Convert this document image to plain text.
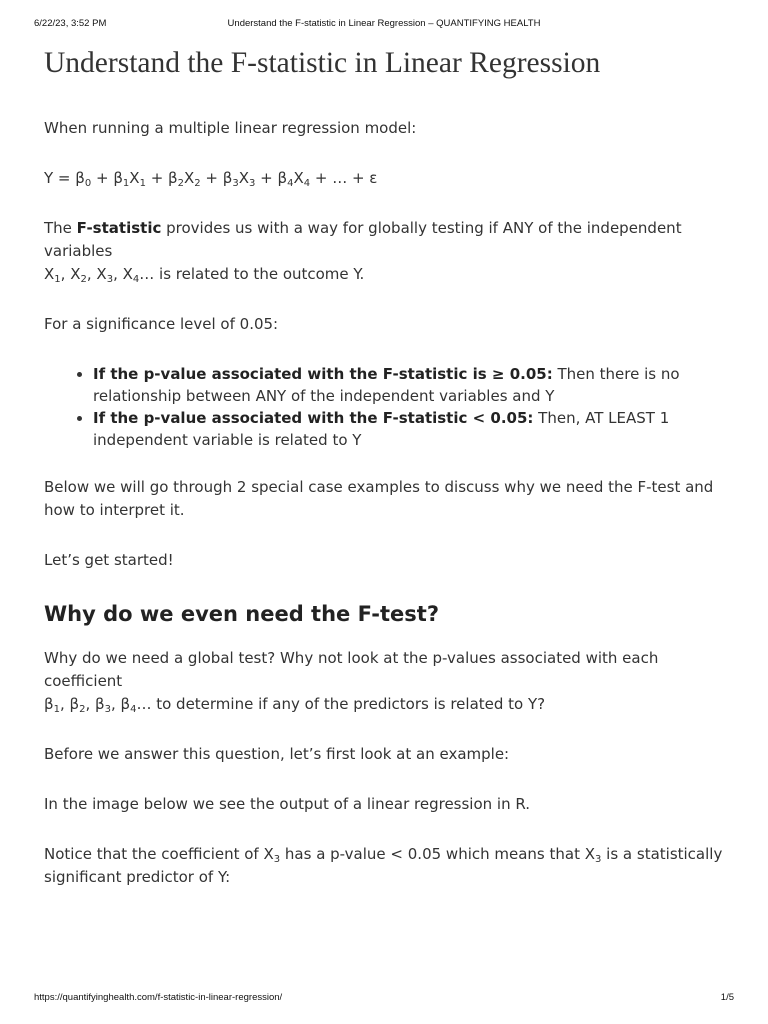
6/22/23, 3:52 PM	Understand the F-statistic in Linear Regression – QUANTIFYING HEALTH
Understand the F-statistic in Linear Regression

When running a multiple linear regression model:

$Y = \beta_0 + \beta_1X_1 + \beta_2X_2 + \beta_3X_3 + \beta_4X_4$ + … + ε

The F-statistic provides us with a way for globally testing if ANY of the independent variables
$X_1$, $X_2$, $X_3$, $X_4\dots$ is related to the outcome Y.

For a significance level of 0.05:

• If the p-value associated with the F-statistic is ≥ 0.05: Then there is no relationship between ANY of the independent variables and Y
• If the p-value associated with the F-statistic < 0.05: Then, AT LEAST 1 independent variable is related to Y

Below we will go through 2 special case examples to discuss why we need the F-test and how to interpret it.

Let’s get started!

Why do we even need the F-test?

Why do we need a global test? Why not look at the p-values associated with each coefficient
$\beta_1$, $\beta_2$, $\beta_3$, $\beta_4\dots$ to determine if any of the predictors is related to Y?

Before we answer this question, let’s first look at an example:

In the image below we see the output of a linear regression in R.

Notice that the coefficient of $X_3$ has a p-value < 0.05 which means that $X_3$ is a statistically significant predictor of Y:

https://quantifyinghealth.com/f-statistic-in-linear-regression/	1/5
